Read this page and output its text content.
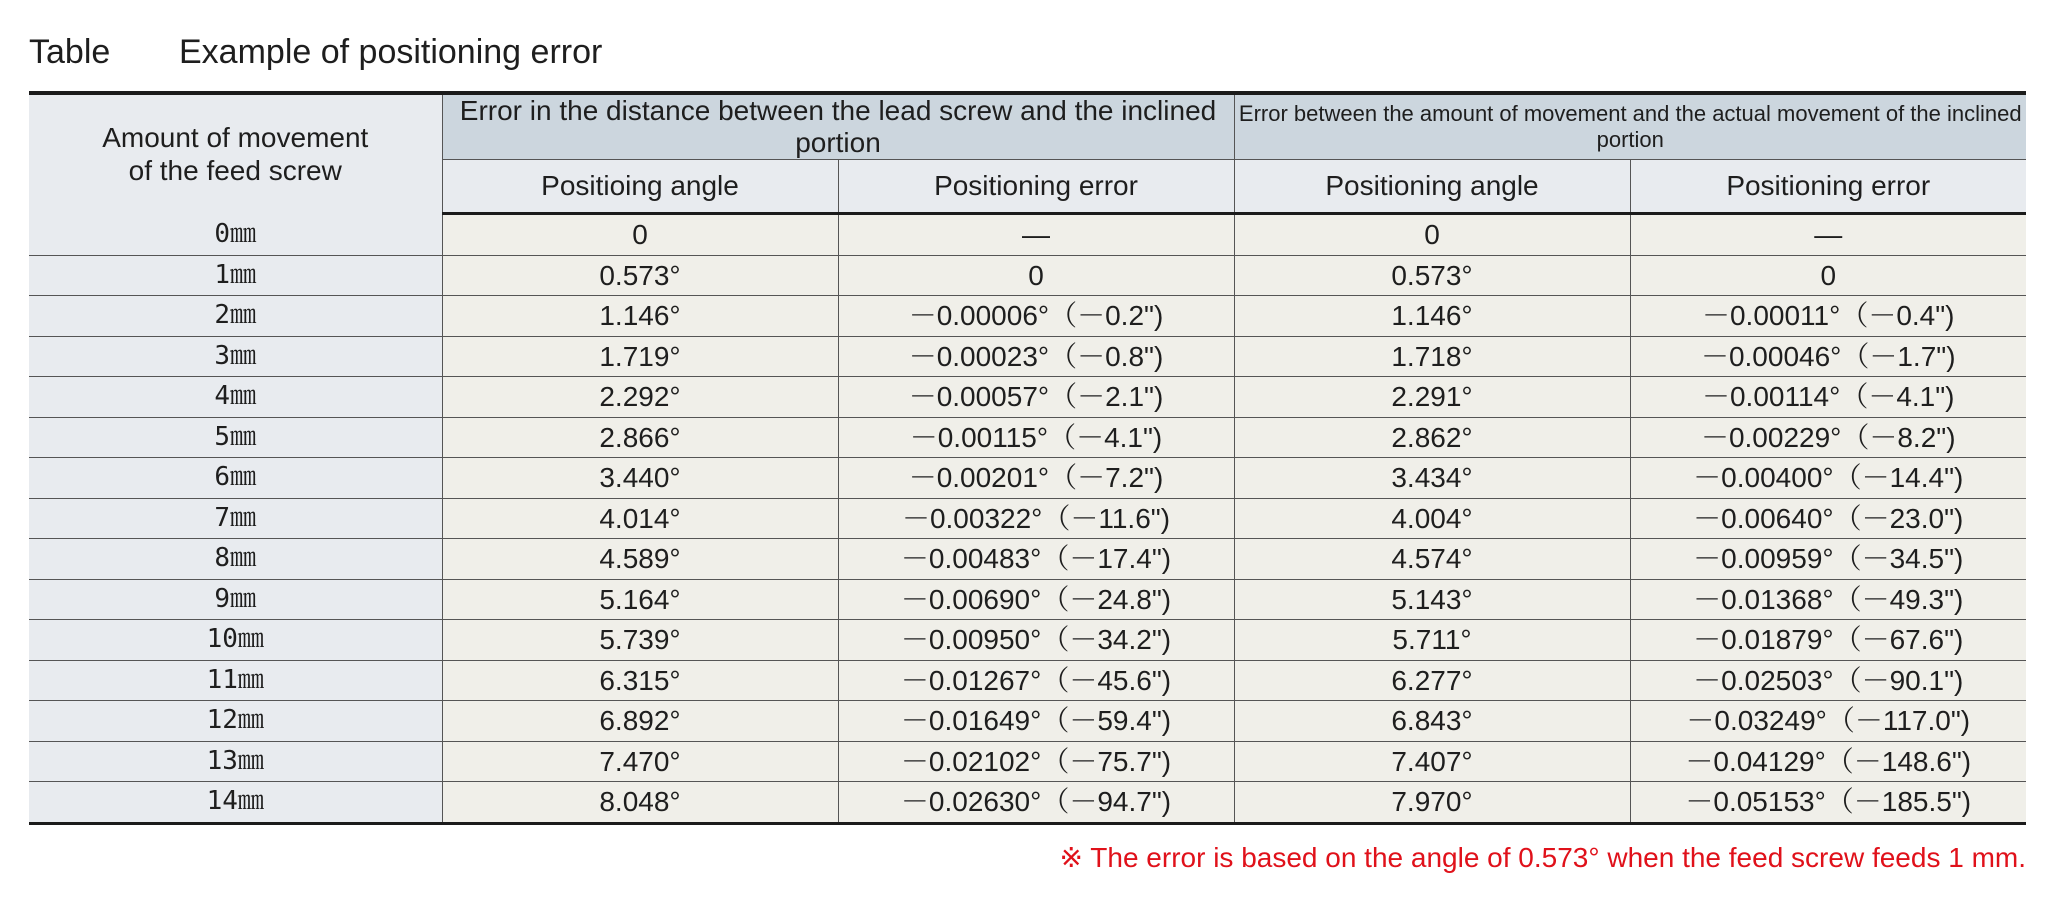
Table	Example of positioning error
Amount of movement
of the feed screw	Error in the distance between the lead screw and the inclined portion		Error between the amount of movement and the actual movement of the inclined portion	
	Positioing angle	Positioning error	Positioning angle	Positioning error
0㎜	0	—	0	—
1㎜	0.573°	0	0.573°	0
2㎜	1.146°	－0.00006°（－0.2")	1.146°	－0.00011°（－0.4")
3㎜	1.719°	－0.00023°（－0.8")	1.718°	－0.00046°（－1.7")
4㎜	2.292°	－0.00057°（－2.1")	2.291°	－0.00114°（－4.1")
5㎜	2.866°	－0.00115°（－4.1")	2.862°	－0.00229°（－8.2")
6㎜	3.440°	－0.00201°（－7.2")	3.434°	－0.00400°（－14.4")
7㎜	4.014°	－0.00322°（－11.6")	4.004°	－0.00640°（－23.0")
8㎜	4.589°	－0.00483°（－17.4")	4.574°	－0.00959°（－34.5")
9㎜	5.164°	－0.00690°（－24.8")	5.143°	－0.01368°（－49.3")
10㎜	5.739°	－0.00950°（－34.2")	5.711°	－0.01879°（－67.6")
11㎜	6.315°	－0.01267°（－45.6")	6.277°	－0.02503°（－90.1")
12㎜	6.892°	－0.01649°（－59.4")	6.843°	－0.03249°（－117.0")
13㎜	7.470°	－0.02102°（－75.7")	7.407°	－0.04129°（－148.6")
14㎜	8.048°	－0.02630°（－94.7")	7.970°	－0.05153°（－185.5")
※ The error is based on the angle of 0.573° when the feed screw feeds 1 mm.
